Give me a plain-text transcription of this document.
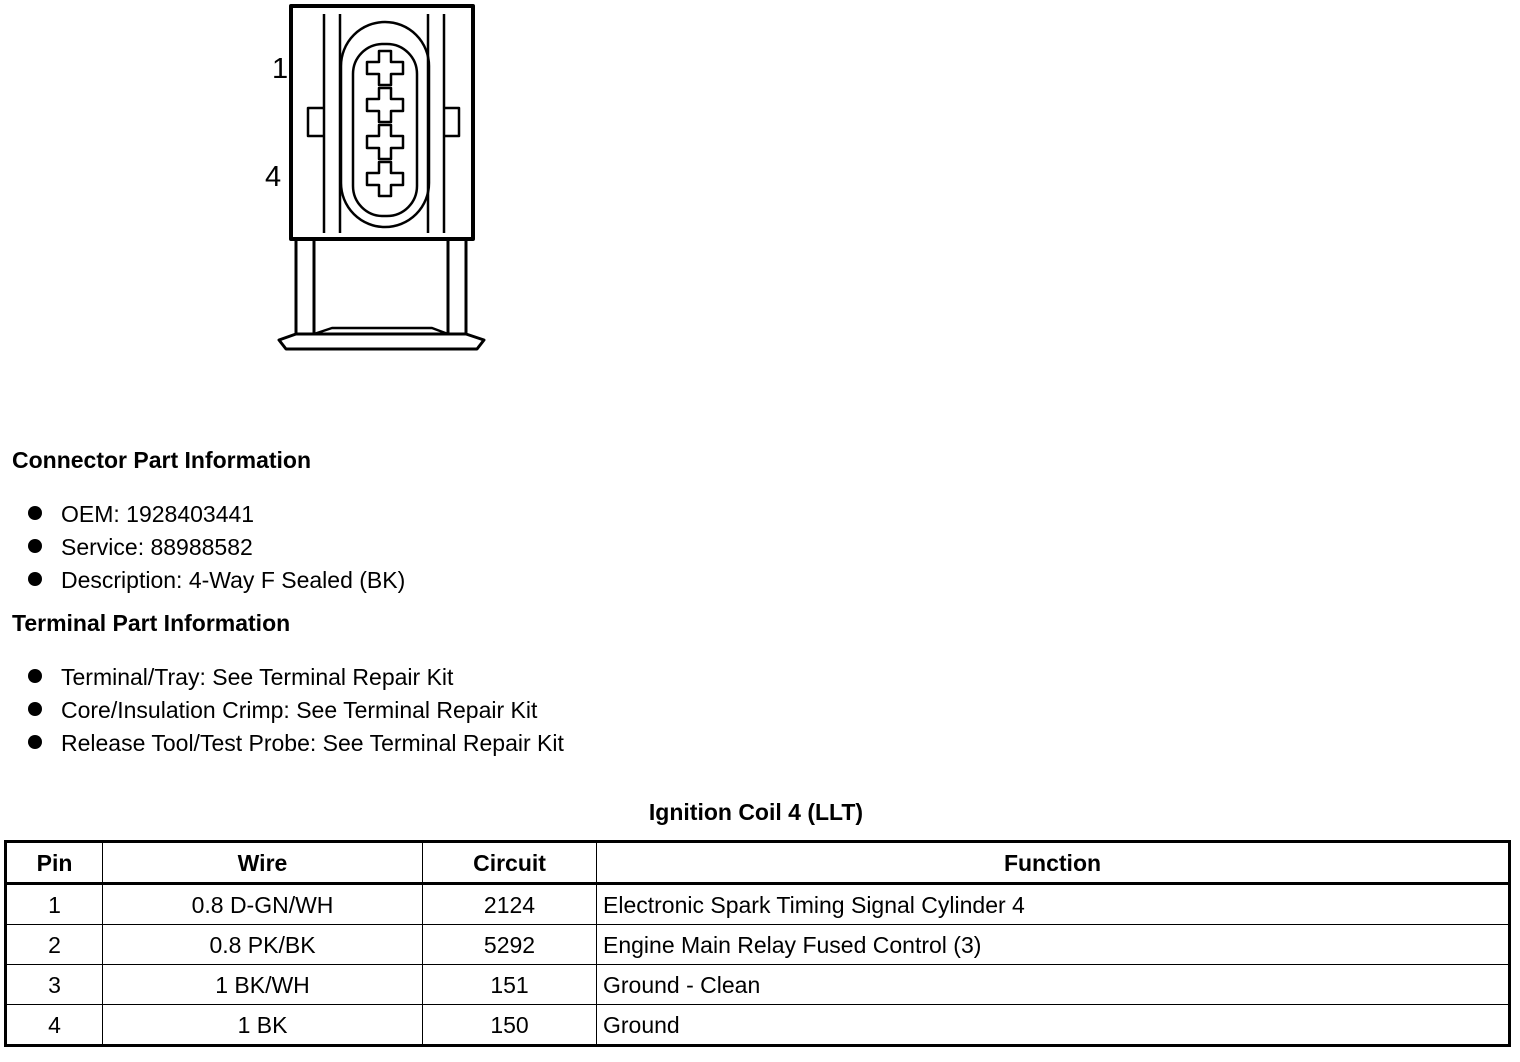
1
4
Connector Part Information
OEM: 1928403441
Service: 88988582
Description: 4-Way F Sealed (BK)
Terminal Part Information
Terminal/Tray: See Terminal Repair Kit
Core/Insulation Crimp: See Terminal Repair Kit
Release Tool/Test Probe: See Terminal Repair Kit
Ignition Coil 4 (LLT)
Pin	Wire	Circuit	Function
1	0.8 D-GN/WH	2124	Electronic Spark Timing Signal Cylinder 4
2	0.8 PK/BK	5292	Engine Main Relay Fused Control (3)
3	1 BK/WH	151	Ground - Clean
4	1 BK	150	Ground
